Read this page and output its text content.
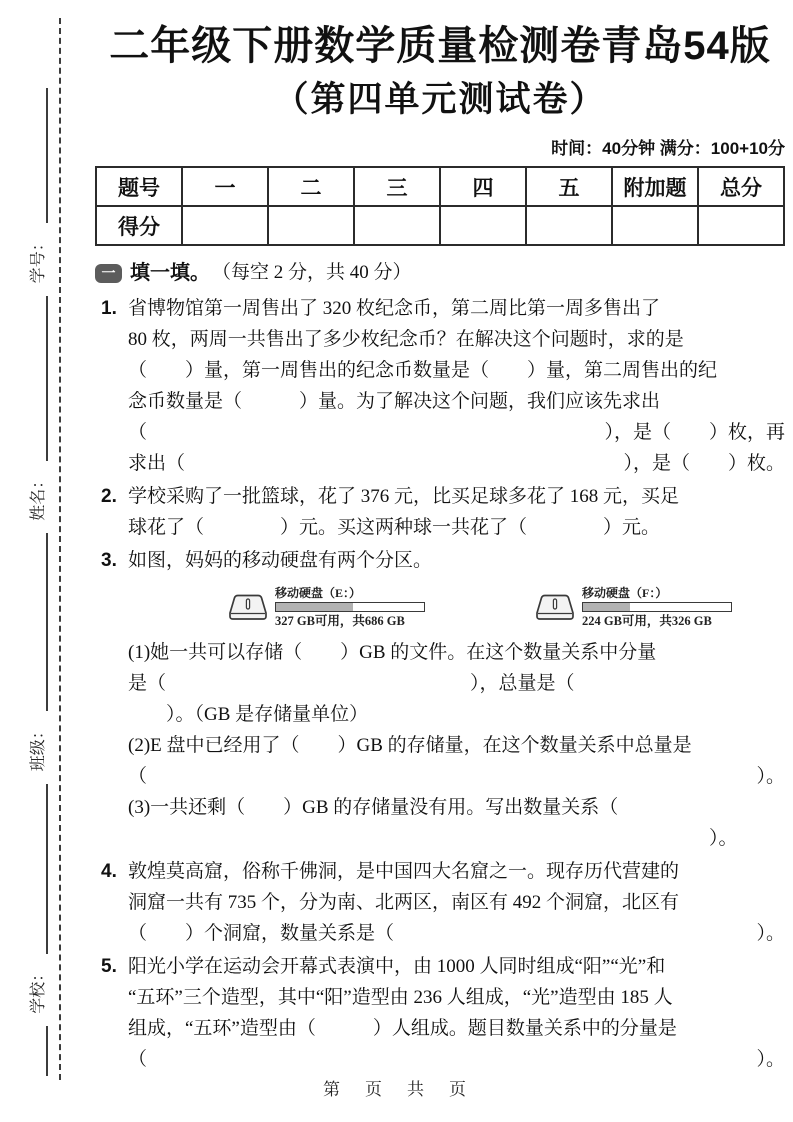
学校：
班级：
姓名：
学号：
二年级下册数学质量检测卷青岛54版
（第四单元测试卷）
时间：40分钟 满分：100+10分
题号	一	二	三	四	五	附加题	总分
得分							
一 填一填。 （每空 2 分，共 40 分）
1. 省博物馆第一周售出了 320 枚纪念币，第二周比第一周多售出了
80 枚，两周一共售出了多少枚纪念币？在解决这个问题时，求的是
（　　）量，第一周售出的纪念币数量是（　　）量，第二周售出的纪
念币数量是（　　　）量。为了解决这个问题，我们应该先求出
（	），是（　　）枚，再
求出（	），是（　　）枚。
2. 学校采购了一批篮球，花了 376 元，比买足球多花了 168 元，买足
球花了（　　　　）元。买这两种球一共花了（　　　　）元。
3. 如图，妈妈的移动硬盘有两个分区。
移动硬盘（E：）
327 GB可用，共686 GB
移动硬盘（F：）
224 GB可用，共326 GB
(1)她一共可以存储（　　）GB 的文件。在这个数量关系中分量
是（　　　　　　　　　　　　　　　　），总量是（
　　）。（GB 是存储量单位）
(2)E 盘中已经用了（　　）GB 的存储量，在这个数量关系中总量是
（	）。
(3)一共还剩（　　）GB 的存储量没有用。写出数量关系（
）。　　　
4. 敦煌莫高窟，俗称千佛洞，是中国四大名窟之一。现存历代营建的
洞窟一共有 735 个，分为南、北两区，南区有 492 个洞窟，北区有
（　　）个洞窟，数量关系是（	）。
5. 阳光小学在运动会开幕式表演中，由 1000 人同时组成“阳”“光”和
“五环”三个造型，其中“阳”造型由 236 人组成，“光”造型由 185 人
组成，“五环”造型由（　　　）人组成。题目数量关系中的分量是
（	）。
第　页　共　页
